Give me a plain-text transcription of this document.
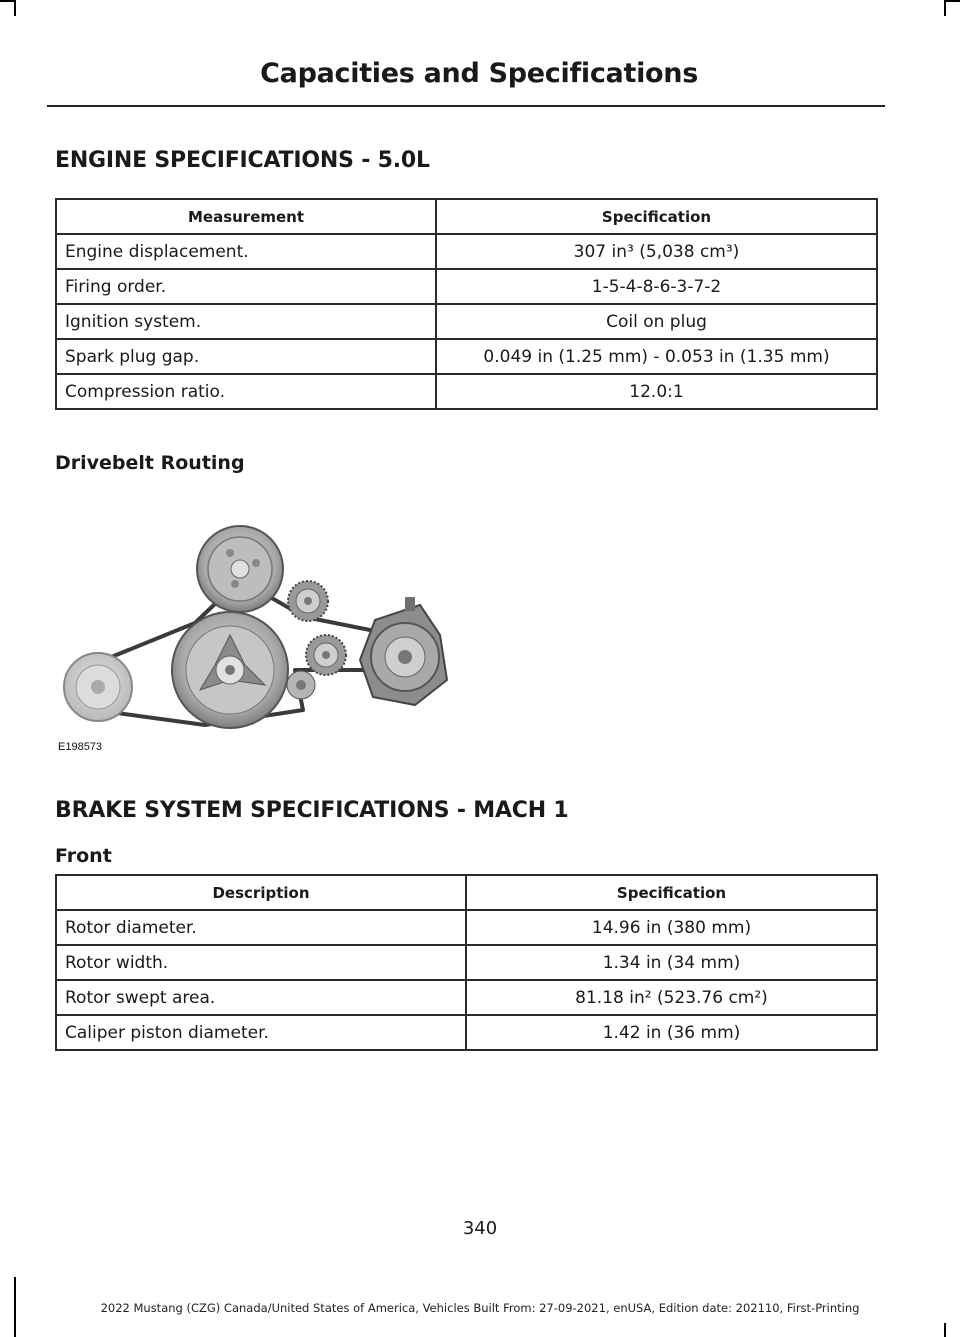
Capacities and Specifications
ENGINE SPECIFICATIONS - 5.0L
Measurement	Specification
Engine displacement.	307 in³ (5,038 cm³)
Firing order.	1-5-4-8-6-3-7-2
Ignition system.	Coil on plug
Spark plug gap.	0.049 in (1.25 mm) - 0.053 in (1.35 mm)
Compression ratio.	12.0:1
Drivebelt Routing
E198573
BRAKE SYSTEM SPECIFICATIONS - MACH 1
Front
Description	Specification
Rotor diameter.	14.96 in (380 mm)
Rotor width.	1.34 in (34 mm)
Rotor swept area.	81.18 in² (523.76 cm²)
Caliper piston diameter.	1.42 in (36 mm)
340
2022 Mustang (CZG) Canada/United States of America, Vehicles Built From: 27-09-2021, enUSA, Edition date: 202110, First-Printing
